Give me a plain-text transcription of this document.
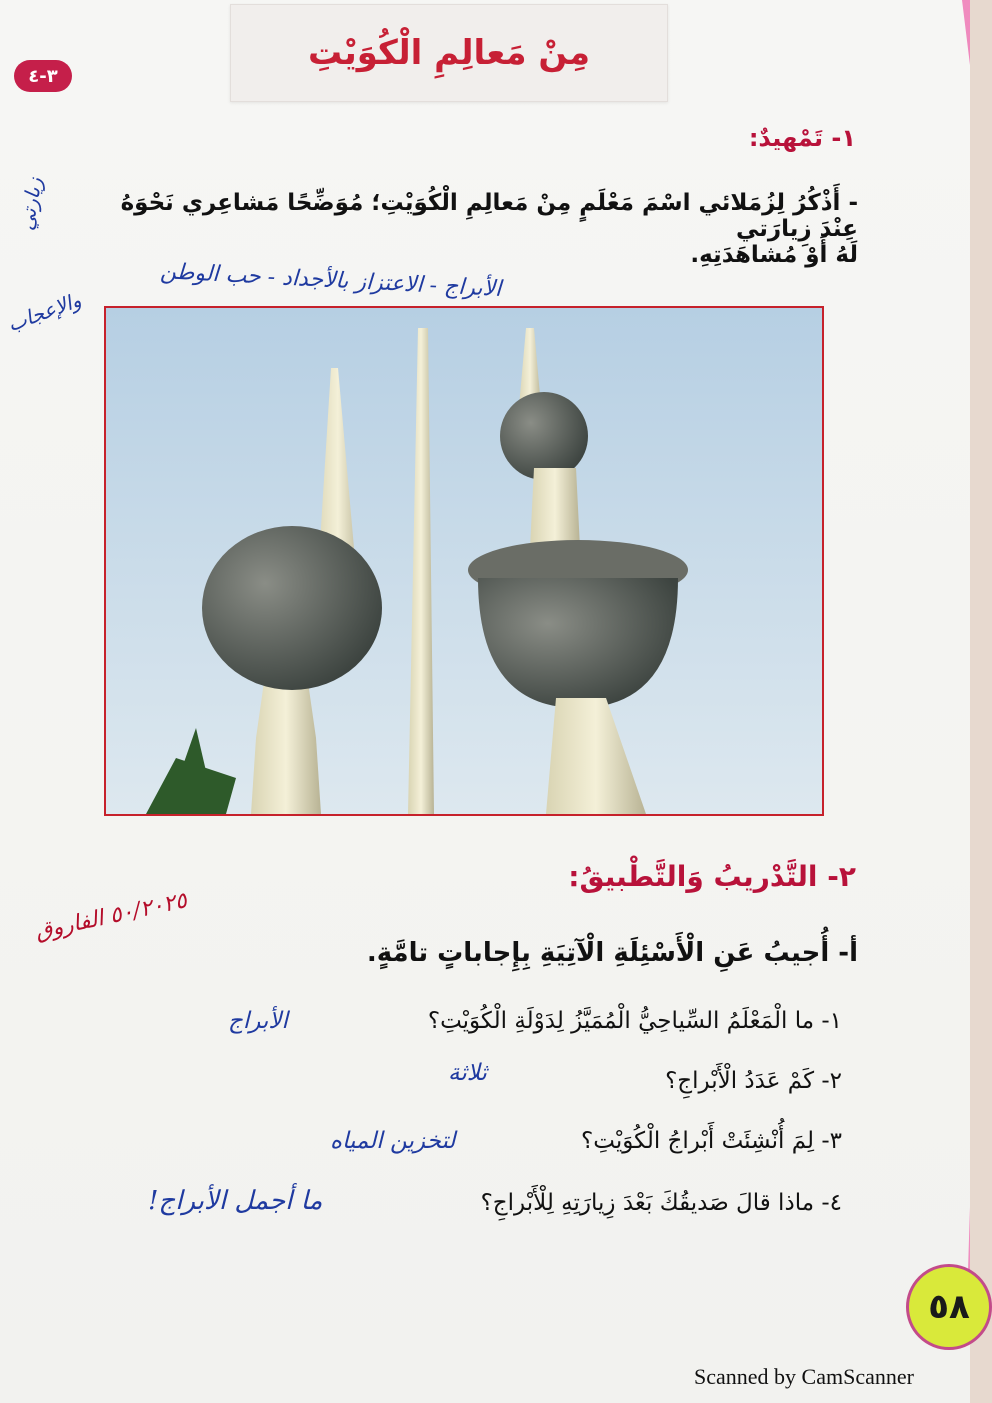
مِنْ مَعالِمِ الْكُوَيْتِ
٣-٤
١- تَمْهيدٌ:
- أَذْكُرُ لِزُمَلائي اسْمَ مَعْلَمٍ مِنْ مَعالِمِ الْكُوَيْتِ؛ مُوَضِّحًا مَشاعِري نَحْوَهُ عِنْدَ زِيارَتي
لَهُ أَوْ مُشاهَدَتِهِ.
الأبراج - الاعتزاز بالأجداد - حب الوطن
زيارتي
والإعجاب
٢- التَّدْريبُ وَالتَّطْبيقُ:
٥٠/٢٠٢٥ الفاروق
أ- أُجيبُ عَنِ الْأَسْئِلَةِ الْآتِيَةِ بِإِجاباتٍ تامَّةٍ.
١- ما الْمَعْلَمُ السِّياحِيُّ الْمُمَيَّزُ لِدَوْلَةِ الْكُوَيْتِ؟
الأبراج
٢- كَمْ عَدَدُ الْأَبْراجِ؟
ثلاثة
٣- لِمَ أُنْشِئَتْ أَبْراجُ الْكُوَيْتِ؟
لتخزين المياه
٤- ماذا قالَ صَديقُكَ بَعْدَ زِيارَتِهِ لِلْأَبْراجِ؟
ما أجمل الأبراج!
٥٨
Scanned by CamScanner
